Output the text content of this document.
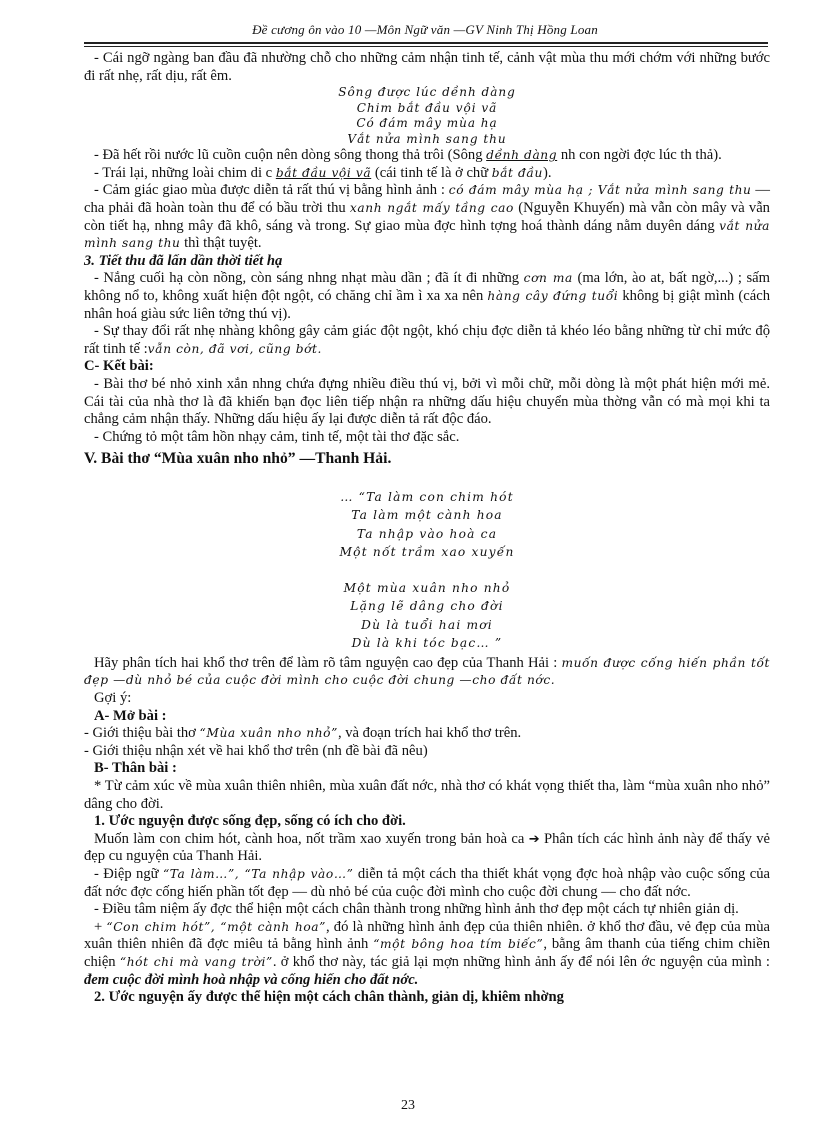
Đề cương ôn vào 10 —Môn Ngữ văn —GV Ninh Thị Hồng Loan

- Cái ngỡ ngàng ban đầu đã nhường chỗ cho những cảm nhận tinh tế, cảnh vật mùa thu mới chớm với những bước đi rất nhẹ, rất dịu, rất êm.

Sông được lúc dềnh dàng
Chim bắt đầu vội vã
Có đám mây mùa hạ
Vắt nửa mình sang thu

- Đã hết rồi nước lũ cuồn cuộn nên dòng sông thong thả trôi (Sông dềnh dàng nh con ngời đợc lúc th thả).

- Trái lại, những loài chim di c bắt đầu vội vã (cái tinh tế là ở chữ bắt đầu).

- Cảm giác giao mùa được diễn tả rất thú vị bằng hình ảnh : có đám mây mùa hạ ; Vắt nửa mình sang thu — cha phải đã hoàn toàn thu để có bầu trời thu xanh ngắt mấy tầng cao (Nguyễn Khuyến) mà vẫn còn mây và vẫn còn tiết hạ, nhng mây đã khô, sáng và trong. Sự giao mùa đợc hình tợng hoá thành dáng nằm duyên dáng vắt nửa mình sang thu thì thật tuyệt.

3. Tiết thu đã lấn dần thời tiết hạ

- Nắng cuối hạ còn nồng, còn sáng nhng nhạt màu dần ; đã ít đi những cơn ma (ma lớn, ào at, bất ngờ,...) ; sấm không nổ to, không xuất hiện đột ngột, có chăng chỉ ầm ì xa xa nên hàng cây đứng tuổi không bị giật mình (cách nhân hoá giàu sức liên tởng thú vị).

- Sự thay đổi rất nhẹ nhàng không gây cảm giác đột ngột, khó chịu đợc diễn tả khéo léo bằng những từ chỉ mức độ rất tinh tế :vẫn còn, đã vơi, cũng bớt.

C- Kết bài:

- Bài thơ bé nhỏ xinh xắn nhng chứa đựng nhiều điều thú vị, bởi vì mỗi chữ, mỗi dòng là một phát hiện mới mẻ. Cái tài của nhà thơ là đã khiến bạn đọc liên tiếp nhận ra những dấu hiệu chuyển mùa thờng vẫn có mà mọi khi ta chẳng cảm nhận thấy. Những dấu hiệu ấy lại được diễn tả rất độc đáo.

- Chứng tỏ một tâm hồn nhạy cảm, tinh tế, một tài thơ đặc sắc.

V. Bài thơ “Mùa xuân nho nhỏ” —Thanh Hải.

… “Ta làm con chim hót
Ta làm một cành hoa
Ta nhập vào hoà ca
Một nốt trầm xao xuyến
Một mùa xuân nho nhỏ
Lặng lẽ dâng cho đời
Dù là tuổi hai mơi
Dù là khi tóc bạc… ”

Hãy phân tích hai khổ thơ trên để làm rõ tâm nguyện cao đẹp của Thanh Hải : muốn được cống hiến phần tốt đẹp —dù nhỏ bé của cuộc đời mình cho cuộc đời chung —cho đất nớc.

Gợi ý:

A- Mở bài :

- Giới thiệu bài thơ “Mùa xuân nho nhỏ”, và đoạn trích hai khổ thơ trên.

- Giới thiệu nhận xét về hai khổ thơ trên (nh đề bài đã nêu)

B- Thân bài :

* Từ cảm xúc về mùa xuân thiên nhiên, mùa xuân đất nớc, nhà thơ có khát vọng thiết tha, làm “mùa xuân nho nhỏ” dâng cho đời.

1. Ước nguyện được sống đẹp, sống có ích cho đời.

Muốn làm con chim hót, cành hoa, nốt trầm xao xuyến trong bản hoà ca ➔ Phân tích các hình ảnh này để thấy vẻ đẹp cu nguyện của Thanh Hải.

- Điệp ngữ “Ta làm…”, “Ta nhập vào…” diễn tả một cách tha thiết khát vọng đợc hoà nhập vào cuộc sống của đất nớc đợc cống hiến phần tốt đẹp — dù nhỏ bé của cuộc đời mình cho cuộc đời chung — cho đất nớc.

- Điều tâm niệm ấy đợc thể hiện một cách chân thành trong những hình ảnh thơ đẹp một cách tự nhiên giản dị.

+ “Con chim hót”, “một cành hoa”, đó là những hình ảnh đẹp của thiên nhiên. ở khổ thơ đầu, vẻ đẹp của mùa xuân thiên nhiên đã đợc miêu tả bằng hình ảnh “một bông hoa tím biếc”, bằng âm thanh của tiếng chim chiền chiện “hót chi mà vang trời”. ở khổ thơ này, tác giả lại mợn những hình ảnh ấy để nói lên ớc nguyện của mình : đem cuộc đời mình hoà nhập và cống hiến cho đất nớc.

2. Ước nguyện ấy được thể hiện một cách chân thành, giản dị, khiêm nhờng

23
